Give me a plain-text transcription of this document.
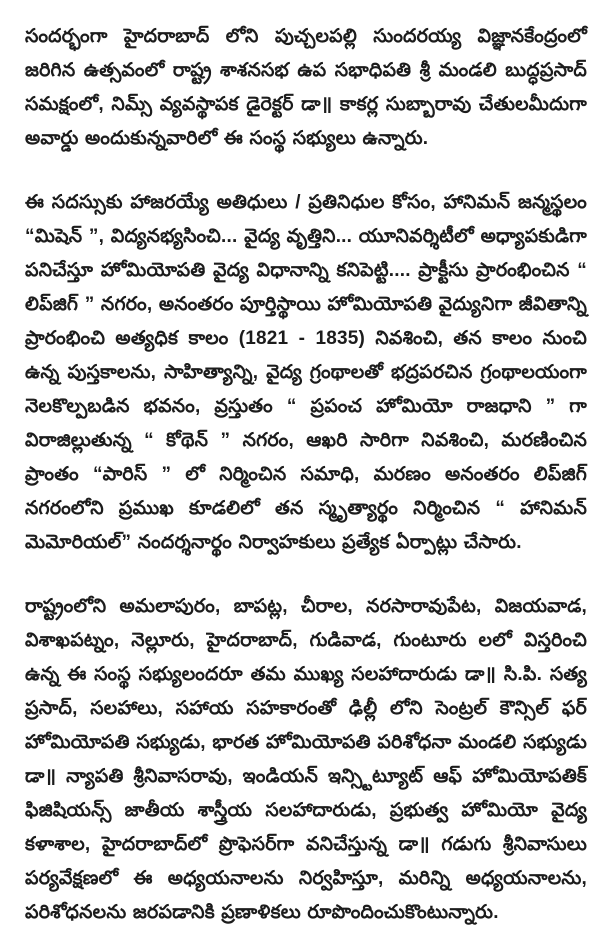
సందర్భంగా హైదరాబాద్ లోని పుచ్చలపల్లి సుందరయ్య విజ్ఞానకేంద్రంలో జరిగిన ఉత్సవంలో రాష్ట్ర శాశనసభ ఉప సభాధిపతి శ్రీ మండలి బుద్ధప్రసాద్ సమక్షంలో, నిమ్స్ వ్యవస్థాపక డైరెక్టర్ డా॥ కాకర్ల సుబ్బారావు చేతులమీదుగా అవార్డు అందుకున్నవారిలో ఈ సంస్థ సభ్యులు ఉన్నారు.

ఈ సదస్సుకు హాజరయ్యే అతిధులు / ప్రతినిధుల కోసం, హానిమన్ జన్మస్థలం “మిషెన్ ”, విద్యనభ్యసించి... వైద్య వృత్తిని... యూనివర్శిటీలో అధ్యాపకుడిగా పనిచేస్తూ హోమియోపతి వైద్య విధానాన్ని కనిపెట్టి.... ప్రాక్టీసు ప్రారంభించిన “ లిప్‌జిగ్ ” నగరం, అనంతరం పూర్తిస్థాయి హోమియోపతి వైద్యునిగా జీవితాన్ని ప్రారంభించి అత్యధిక కాలం (1821 - 1835) నివశించి, తన కాలం నుంచి ఉన్న పుస్తకాలను, సాహిత్యాన్ని, వైద్య గ్రంథాలతో భద్రపరచిన గ్రంథాలయంగా నెలకొల్పబడిన భవనం, వ్రస్తుతం “ ప్రపంచ హోమియో రాజధాని ” గా విరాజిల్లుతున్న “ కోథెన్ ” నగరం, ఆఖరి సారిగా నివశించి, మరణించిన ప్రాంతం “పారిస్ ” లో నిర్మించిన సమాధి, మరణం అనంతరం లిప్‌జిగ్ నగరంలోని ప్రముఖ కూడలిలో తన స్మృత్యార్థం నిర్మించిన “ హానిమన్ మెమోరియల్” నందర్శనార్థం నిర్వాహకులు ప్రత్యేక ఏర్పాట్లు చేసారు.

రాష్ట్రంలోని అమలాపురం, బాపట్ల, చీరాల, నరసారావుపేట, విజయవాడ, విశాఖపట్నం, నెల్లూరు, హైదరాబాద్, గుడివాడ, గుంటూరు లలో విస్తరించి ఉన్న ఈ సంస్థ సభ్యులందరూ తమ ముఖ్య సలహాదారుడు డా॥ సి.పి. సత్య ప్రసాద్, సలహాలు, సహాయ సహకారంతో ఢిల్లీ లోని సెంట్రల్ కౌన్సిల్ ఫర్ హోమియోపతి సభ్యుడు, భారత హోమియోపతి పరిశోధనా మండలి సభ్యుడు డా॥ న్యాపతి శ్రీనివాసరావు, ఇండియన్ ఇన్స్టిట్యూట్ ఆఫ్ హోమియోపతిక్ ఫిజిషియన్స్ జాతీయ శాస్త్రీయ సలహాదారుడు, ప్రభుత్వ హోమియో వైద్య కళాశాల, హైదరాబాద్‌లో ప్రొఫెసర్‌గా వనిచేస్తున్న డా॥ గడుగు శ్రీనివాసులు పర్యవేక్షణలో ఈ అధ్యయనాలను నిర్వహిస్తూ, మరిన్ని అధ్యయనాలను, పరిశోధనలను జరపడానికి ప్రణాళికలు రూపొందించుకొంటున్నారు.
